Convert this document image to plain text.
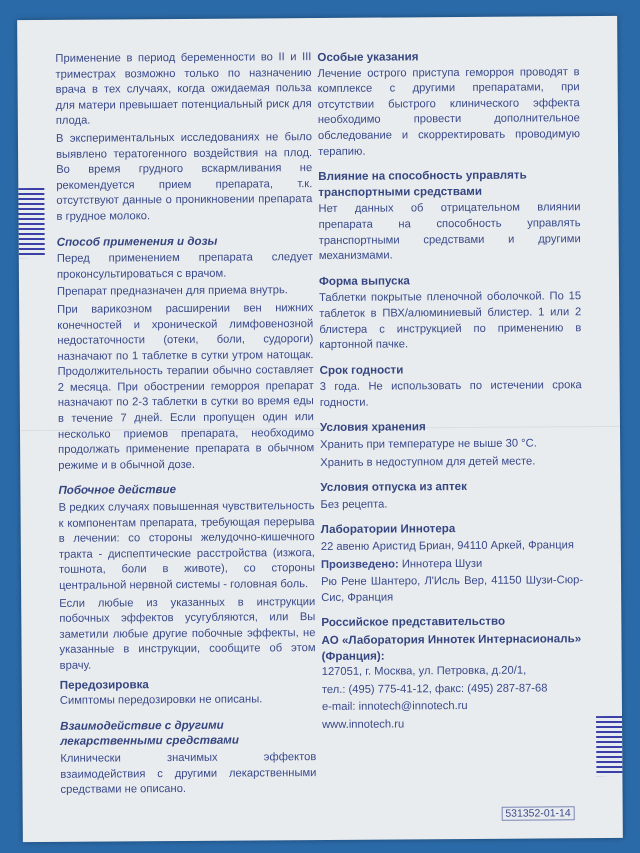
Применение в период беременности во II и III триместрах возможно только по назначению врача в тех случаях, когда ожидаемая польза для матери превышает потенциальный риск для плода.

В экспериментальных исследованиях не было выявлено тератогенного воздействия на плод. Во время грудного вскармливания не рекомендуется прием препарата, т.к. отсутствуют данные о проникновении препарата в грудное молоко.

Способ применения и дозы

Перед применением препарата следует проконсультироваться с врачом.

Препарат предназначен для приема внутрь.

При варикозном расширении вен нижних конечностей и хронической лимфовенозной недостаточности (отеки, боли, судороги) назначают по 1 таблетке в сутки утром натощак. Продолжительность терапии обычно составляет 2 месяца. При обострении геморроя препарат назначают по 2-3 таблетки в сутки во время еды в течение 7 дней. Если пропущен один или несколько приемов препарата, необходимо продолжать применение препарата в обычном режиме и в обычной дозе.

Побочное действие

В редких случаях повышенная чувствительность к компонентам препарата, требующая перерыва в лечении: со стороны желудочно-кишечного тракта - диспептические расстройства (изжога, тошнота, боли в животе), со стороны центральной нервной системы - головная боль.

Если любые из указанных в инструкции побочных эффектов усугубляются, или Вы заметили любые другие побочные эффекты, не указанные в инструкции, сообщите об этом врачу.

Передозировка

Симптомы передозировки не описаны.

Взаимодействие с другими лекарственными средствами

Клинически значимых эффектов взаимодействия с другими лекарственными средствами не описано.

Особые указания

Лечение острого приступа геморроя проводят в комплексе с другими препаратами, при отсутствии быстрого клинического эффекта необходимо провести дополнительное обследование и скорректировать проводимую терапию.

Влияние на способность управлять транспортными средствами

Нет данных об отрицательном влиянии препарата на способность управлять транспортными средствами и другими механизмами.

Форма выпуска

Таблетки покрытые пленочной оболочкой. По 15 таблеток в ПВХ/алюминиевый блистер. 1 или 2 блистера с инструкцией по применению в картонной пачке.

Срок годности

3 года. Не использовать по истечении срока годности.

Условия хранения

Хранить при температуре не выше 30 °С.

Хранить в недоступном для детей месте.

Условия отпуска из аптек

Без рецепта.

Лаборатории Иннотера

22 авеню Аристид Бриан, 94110 Аркей, Франция

Произведено: Иннотера Шузи

Рю Рене Шантеро, Л'Исль Вер, 41150 Шузи-Сюр-Сис, Франция

Российское представительство
АО «Лаборатория Иннотек Интернасиональ» (Франция):

127051, г. Москва, ул. Петровка, д.20/1,

тел.: (495) 775-41-12, факс: (495) 287-87-68

e-mail: innotech@innotech.ru

www.innotech.ru

531352-01-14
